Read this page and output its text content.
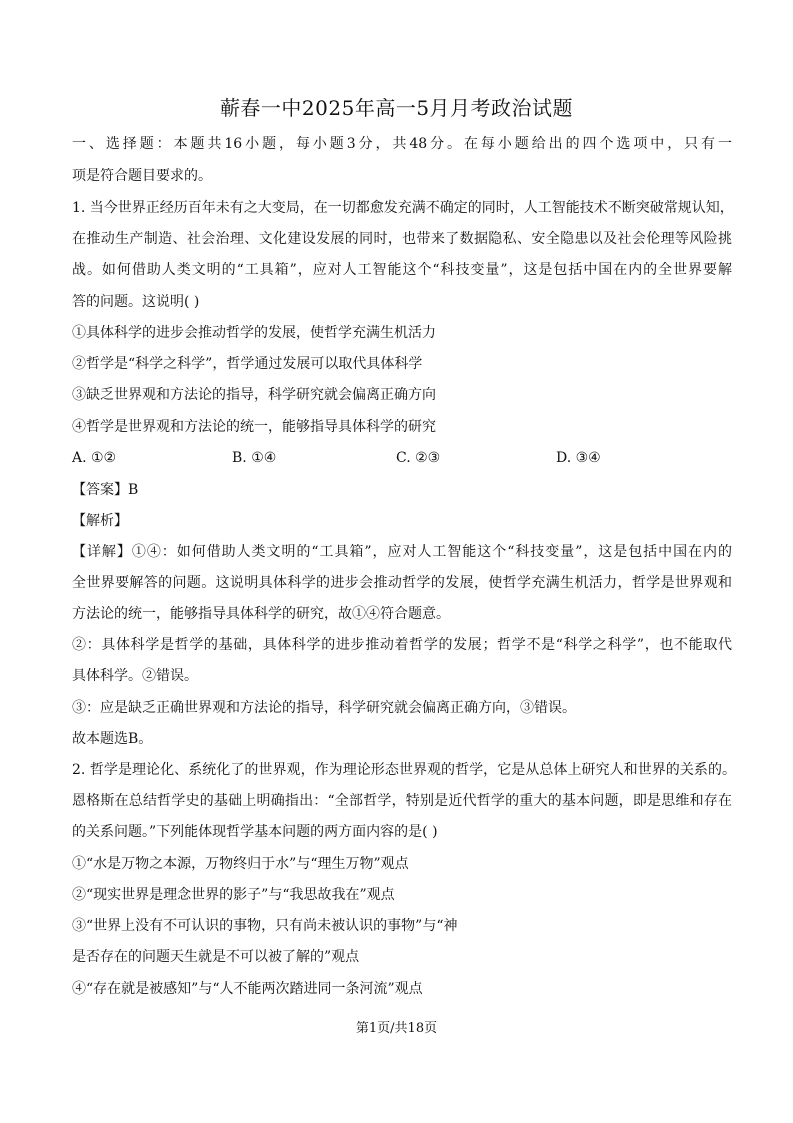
蕲春一中2025年高一5月月考政治试题
一、选择题：本题共16小题，每小题3分，共48分。在每小题给出的四个选项中，只有一
项是符合题目要求的。
1. 当今世界正经历百年未有之大变局，在一切都愈发充满不确定的同时，人工智能技术不断突破常规认知，
在推动生产制造、社会治理、文化建设发展的同时，也带来了数据隐私、安全隐患以及社会伦理等风险挑
战。如何借助人类文明的“工具箱”，应对人工智能这个“科技变量”，这是包括中国在内的全世界要解
答的问题。这说明( )
①具体科学的进步会推动哲学的发展，使哲学充满生机活力
②哲学是“科学之科学”，哲学通过发展可以取代具体科学
③缺乏世界观和方法论的指导，科学研究就会偏离正确方向
④哲学是世界观和方法论的统一，能够指导具体科学的研究
A. ①②	B. ①④	C. ②③	D. ③④
【答案】B
【解析】
【详解】①④：如何借助人类文明的“工具箱”，应对人工智能这个“科技变量”，这是包括中国在内的
全世界要解答的问题。这说明具体科学的进步会推动哲学的发展，使哲学充满生机活力，哲学是世界观和
方法论的统一，能够指导具体科学的研究，故①④符合题意。
②：具体科学是哲学的基础，具体科学的进步推动着哲学的发展；哲学不是“科学之科学”，也不能取代
具体科学。②错误。
③：应是缺乏正确世界观和方法论的指导，科学研究就会偏离正确方向，③错误。
故本题选B。
2. 哲学是理论化、系统化了的世界观，作为理论形态世界观的哲学，它是从总体上研究人和世界的关系的。
恩格斯在总结哲学史的基础上明确指出：“全部哲学，特别是近代哲学的重大的基本问题，即是思维和存在
的关系问题。”下列能体现哲学基本问题的两方面内容的是( )
①“水是万物之本源，万物终归于水”与“理生万物”观点
②“现实世界是理念世界的影子”与“我思故我在”观点
③“世界上没有不可认识的事物，只有尚未被认识的事物”与“神
是否存在的问题天生就是不可以被了解的”观点
④“存在就是被感知”与“人不能两次踏进同一条河流”观点
第1页/共18页
